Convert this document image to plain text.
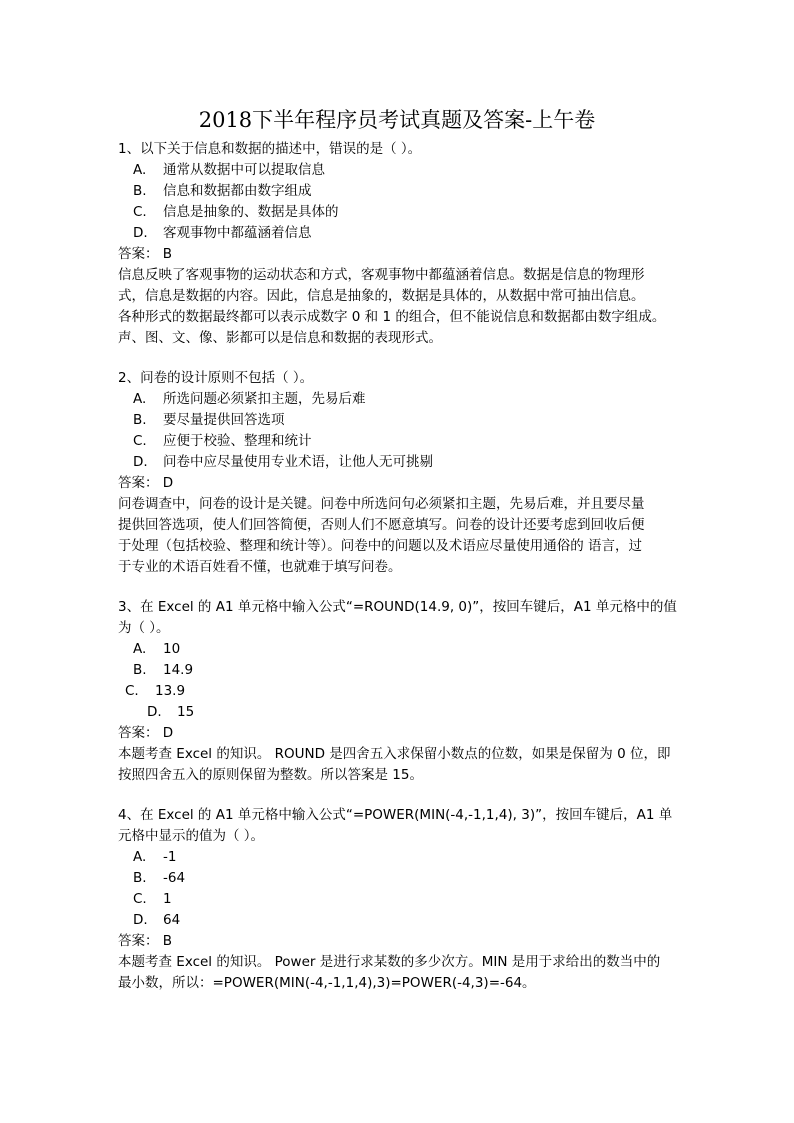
2018下半年程序员考试真题及答案-上午卷
1、以下关于信息和数据的描述中，错误的是（ ）。
A. 通常从数据中可以提取信息
B. 信息和数据都由数字组成
C. 信息是抽象的、数据是具体的
D. 客观事物中都蕴涵着信息
答案： B
信息反映了客观事物的运动状态和方式，客观事物中都蕴涵着信息。数据是信息的物理形
式，信息是数据的内容。因此，信息是抽象的，数据是具体的，从数据中常可抽出信息。
各种形式的数据最终都可以表示成数字 0 和 1 的组合，但不能说信息和数据都由数字组成。
声、图、文、像、影都可以是信息和数据的表现形式。
2、问卷的设计原则不包括（ ）。
A. 所选问题必须紧扣主题，先易后难
B. 要尽量提供回答选项
C. 应便于校验、整理和统计
D. 问卷中应尽量使用专业术语，让他人无可挑剔
答案： D
问卷调查中，问卷的设计是关键。问卷中所选问句必须紧扣主题，先易后难，并且要尽量
提供回答选项，使人们回答简便，否则人们不愿意填写。问卷的设计还要考虑到回收后便
于处理（包括校验、整理和统计等）。问卷中的问题以及术语应尽量使用通俗的 语言，过
于专业的术语百姓看不懂，也就难于填写问卷。
3、在 Excel 的 A1 单元格中输入公式“=ROUND(14.9, 0)”，按回车键后，A1 单元格中的值
为（ ）。
A. 10
B. 14.9
C. 13.9
D. 15
答案： D
本题考查 Excel 的知识。 ROUND 是四舍五入求保留小数点的位数，如果是保留为 0 位，即
按照四舍五入的原则保留为整数。所以答案是 15。
4、在 Excel 的 A1 单元格中输入公式“=POWER(MIN(-4,-1,1,4), 3)”，按回车键后，A1 单
元格中显示的值为（ ）。
A. -1
B. -64
C. 1
D. 64
答案： B
本题考查 Excel 的知识。 Power 是进行求某数的多少次方。MIN 是用于求给出的数当中的
最小数，所以：=POWER(MIN(-4,-1,1,4),3)=POWER(-4,3)=-64。
